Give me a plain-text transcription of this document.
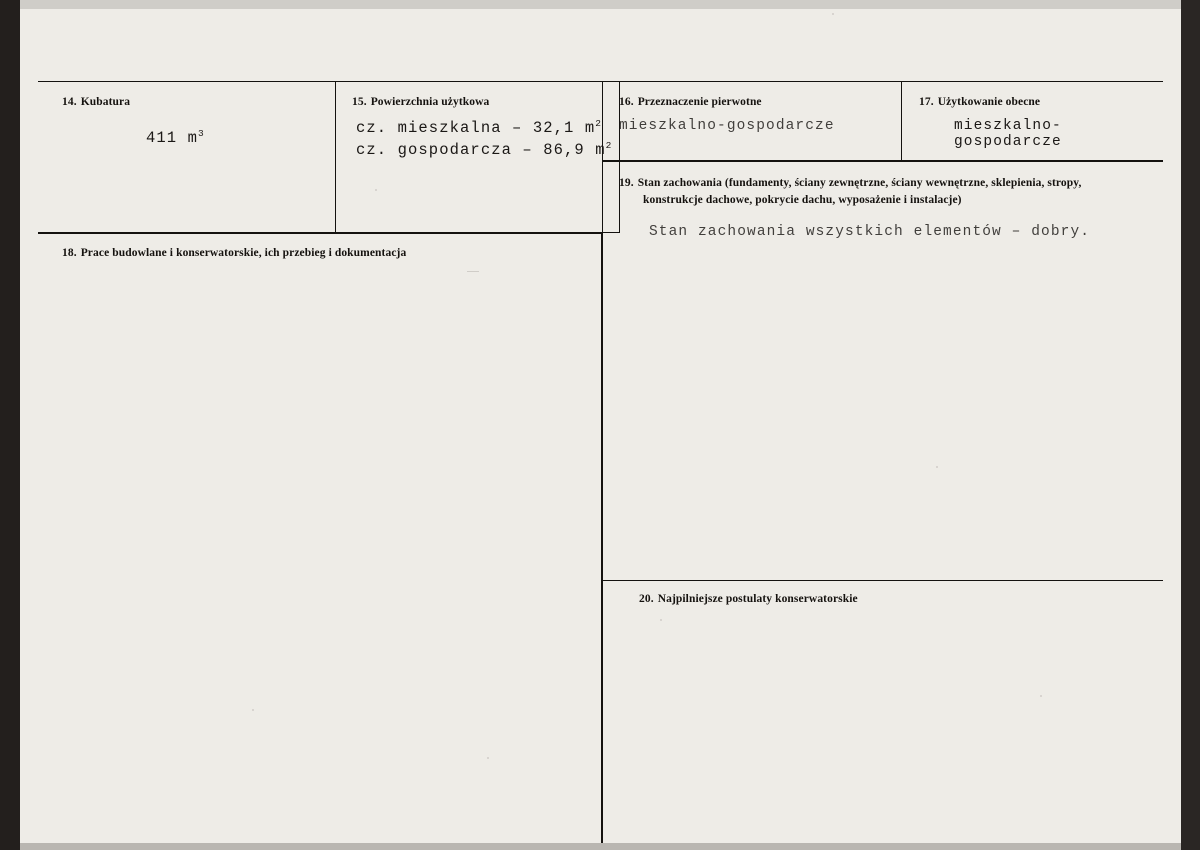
14. Kubatura
411 $m^3$
15. Powierzchnia użytkowa
cz. mieszkalna – 32,1 $m^2$
cz. gospodarcza – 86,9 $m^2$
16. Przeznaczenie pierwotne
mieszkalno-gospodarcze
17. Użytkowanie obecne
mieszkalno-gospodarcze
18. Prace budowlane i konserwatorskie, ich przebieg i dokumentacja
19. Stan zachowania (fundamenty, ściany zewnętrzne, ściany wewnętrzne, sklepienia, stropy,
konstrukcje dachowe, pokrycie dachu, wyposażenie i instalacje)
Stan zachowania wszystkich elementów – dobry.
20. Najpilniejsze postulaty konserwatorskie
